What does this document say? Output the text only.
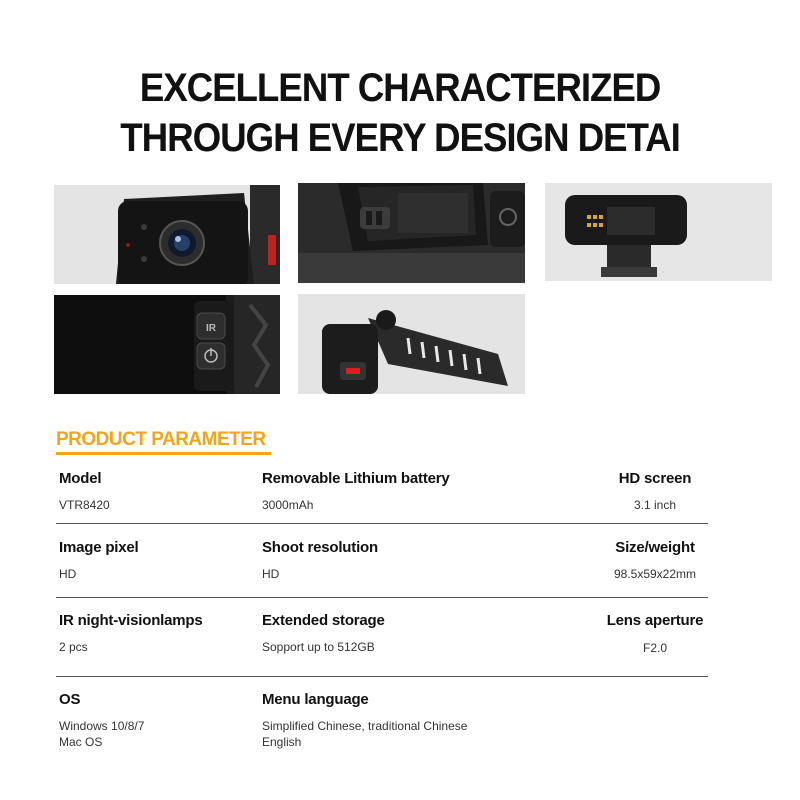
EXCELLENT CHARACTERIZED
THROUGH EVERY DESIGN DETAI
IR
PRODUCT PARAMETER
Model
VTR8420
Removable Lithium battery
3000mAh
HD screen
3.1 inch
Image pixel
HD
Shoot resolution
HD
Size/weight
98.5x59x22mm
IR night-visionlamps
2 pcs
Extended storage
Sopport up to 512GB
Lens aperture
F2.0
OS
Windows 10/8/7
Mac OS
Menu language
Simplified Chinese, traditional Chinese
English
